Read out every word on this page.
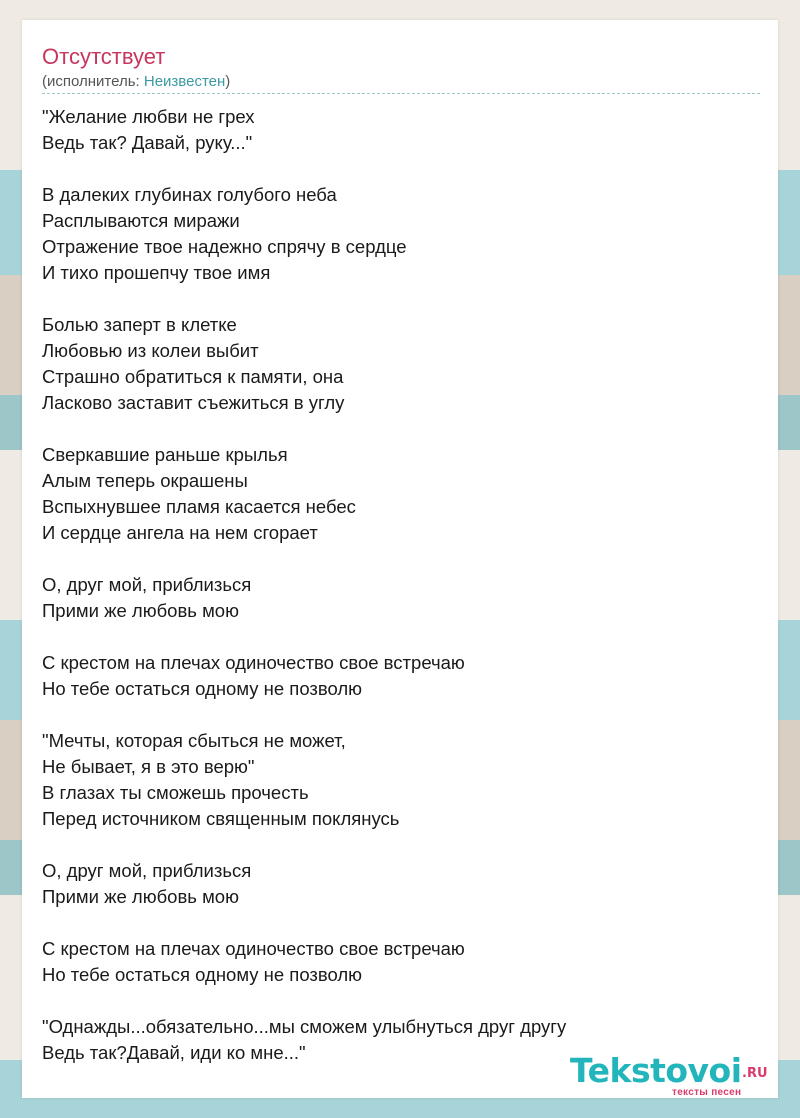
Отсутствует
(исполнитель: Неизвестен)
"Желание любви не грех
Ведь так? Давай, руку..."
В далеких глубинах голубого неба
Расплываются миражи
Отражение твое надежно спрячу в сердце
И тихо прошепчу твое имя
Болью заперт в клетке
Любовью из колеи выбит
Страшно обратиться к памяти, она
Ласково заставит съежиться в углу
Сверкавшие раньше крылья
Алым теперь окрашены
Вспыхнувшее пламя касается небес
И сердце ангела на нем сгорает
О, друг мой, приблизься
Прими же любовь мою
С крестом на плечах одиночество свое встречаю
Но тебе остаться одному не позволю
"Мечты, которая сбыться не может,
Не бывает, я в это верю"
В глазах ты сможешь прочесть
Перед источником священным поклянусь
О, друг мой, приблизься
Прими же любовь мою
С крестом на плечах одиночество свое встречаю
Но тебе остаться одному не позволю
"Однажды...обязательно...мы сможем улыбнуться друг другу
Ведь так?Давай, иди ко мне..."	Tekstovoi .RU
тексты песен
